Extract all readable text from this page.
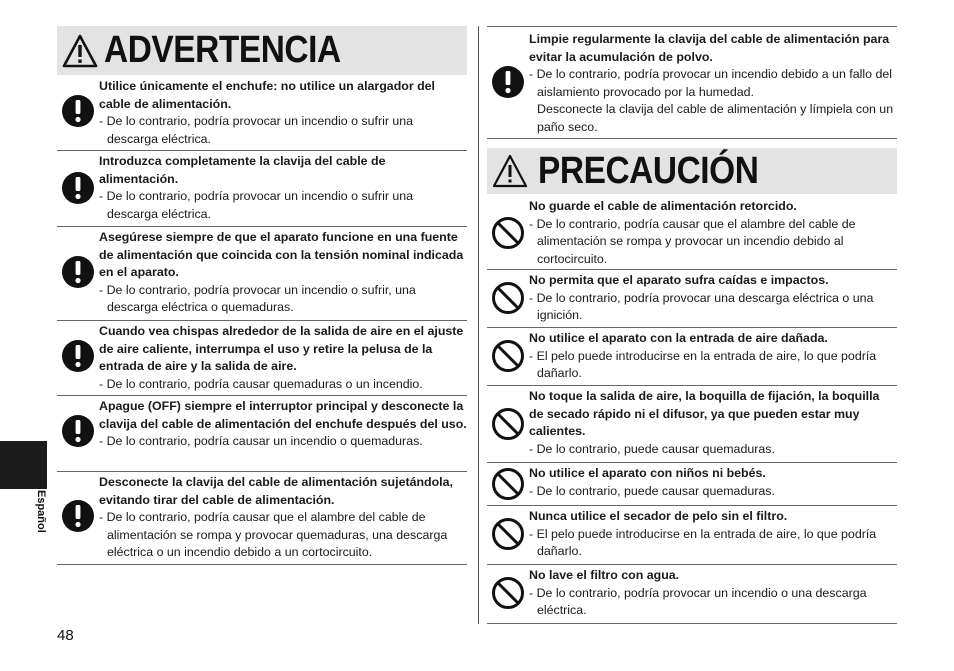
ADVERTENCIA
Utilice únicamente el enchufe: no utilice un alargador del cable de alimentación.
- De lo contrario, podría provocar un incendio o sufrir una descarga eléctrica.
Introduzca completamente la clavija del cable de alimentación.
- De lo contrario, podría provocar un incendio o sufrir una descarga eléctrica.
Asegúrese siempre de que el aparato funcione en una fuente de alimentación que coincida con la tensión nominal indicada en el aparato.
- De lo contrario, podría provocar un incendio o sufrir, una descarga eléctrica o quemaduras.
Cuando vea chispas alrededor de la salida de aire en el ajuste de aire caliente, interrumpa el uso y retire la pelusa de la entrada de aire y la salida de aire.
- De lo contrario, podría causar quemaduras o un incendio.
Apague (OFF) siempre el interruptor principal y desconecte la clavija del cable de alimentación del enchufe después del uso.
- De lo contrario, podría causar un incendio o quemaduras.
Desconecte la clavija del cable de alimentación sujetándola, evitando tirar del cable de alimentación.
- De lo contrario, podría causar que el alambre del cable de alimentación se rompa y provocar quemaduras, una descarga eléctrica o un incendio debido a un cortocircuito.
Limpie regularmente la clavija del cable de alimentación para evitar la acumulación de polvo.
- De lo contrario, podría provocar un incendio debido a un fallo del aislamiento provocado por la humedad.
Desconecte la clavija del cable de alimentación y límpiela con un paño seco.
PRECAUCIÓN
No guarde el cable de alimentación retorcido.
- De lo contrario, podría causar que el alambre del cable de alimentación se rompa y provocar un incendio debido al cortocircuito.
No permita que el aparato sufra caídas e impactos.
- De lo contrario, podría provocar una descarga eléctrica o una ignición.
No utilice el aparato con la entrada de aire dañada.
- El pelo puede introducirse en la entrada de aire, lo que podría dañarlo.
No toque la salida de aire, la boquilla de fijación, la boquilla de secado rápido ni el difusor, ya que pueden estar muy calientes.
- De lo contrario, puede causar quemaduras.
No utilice el aparato con niños ni bebés.
- De lo contrario, puede causar quemaduras.
Nunca utilice el secador de pelo sin el filtro.
- El pelo puede introducirse en la entrada de aire, lo que podría dañarlo.
No lave el filtro con agua.
- De lo contrario, podría provocar un incendio o una descarga eléctrica.
Español
48
